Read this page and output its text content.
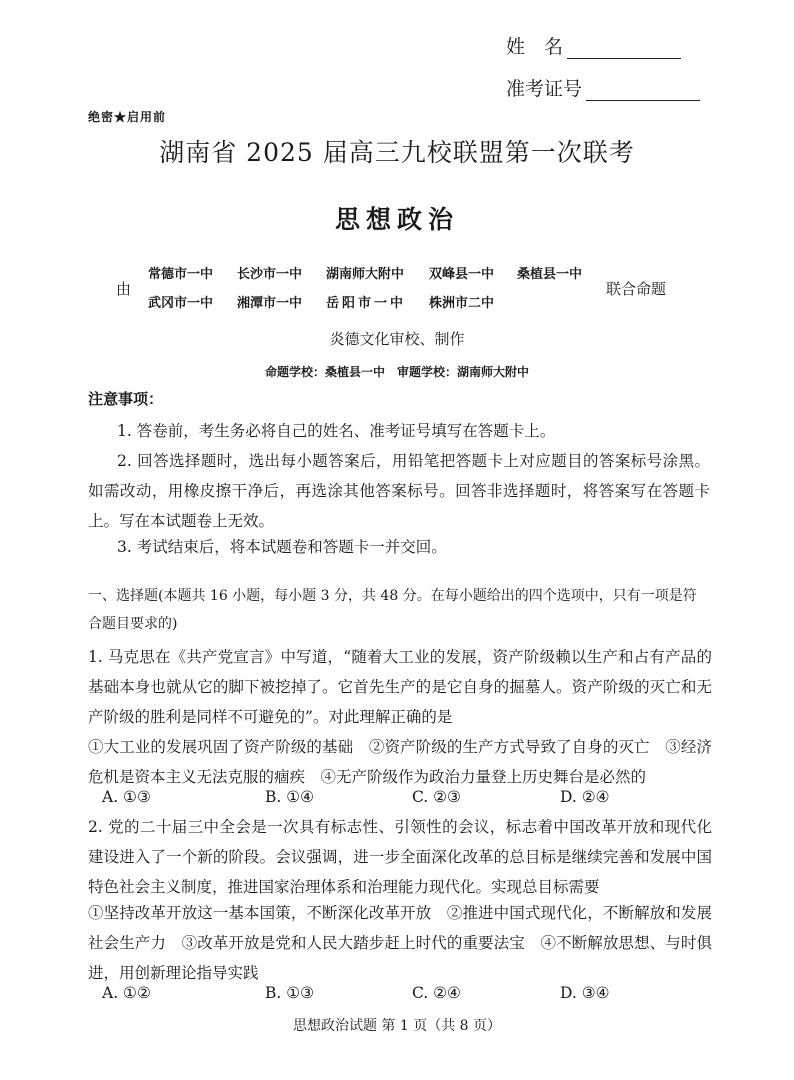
姓　名
准考证号
绝密★启用前
湖南省 2025 届高三九校联盟第一次联考
思想政治
由
常德市一中 长沙市一中 湖南师大附中 双峰县一中 桑植县一中
武冈市一中 湘潭市一中 岳阳市一中 株洲市二中
联合命题
炎德文化审校、制作
命题学校：桑植县一中　审题学校：湖南师大附中
注意事项：
1. 答卷前，考生务必将自己的姓名、准考证号填写在答题卡上。
2. 回答选择题时，选出每小题答案后，用铅笔把答题卡上对应题目的答案标号涂黑。如需改动，用橡皮擦干净后，再选涂其他答案标号。回答非选择题时，将答案写在答题卡上。写在本试题卷上无效。
3. 考试结束后，将本试题卷和答题卡一并交回。
一、选择题(本题共 16 小题，每小题 3 分，共 48 分。在每小题给出的四个选项中，只有一项是符合题目要求的)
1. 马克思在《共产党宣言》中写道，“随着大工业的发展，资产阶级赖以生产和占有产品的基础本身也就从它的脚下被挖掉了。它首先生产的是它自身的掘墓人。资产阶级的灭亡和无产阶级的胜利是同样不可避免的”。对此理解正确的是
①大工业的发展巩固了资产阶级的基础　②资产阶级的生产方式导致了自身的灭亡　③经济危机是资本主义无法克服的痼疾　④无产阶级作为政治力量登上历史舞台是必然的
A. ①③	B. ①④	C. ②③	D. ②④
2. 党的二十届三中全会是一次具有标志性、引领性的会议，标志着中国改革开放和现代化建设进入了一个新的阶段。会议强调，进一步全面深化改革的总目标是继续完善和发展中国特色社会主义制度，推进国家治理体系和治理能力现代化。实现总目标需要
①坚持改革开放这一基本国策，不断深化改革开放　②推进中国式现代化，不断解放和发展社会生产力　③改革开放是党和人民大踏步赶上时代的重要法宝　④不断解放思想、与时俱进，用创新理论指导实践
A. ①②	B. ①③	C. ②④	D. ③④
思想政治试题 第 1 页（共 8 页）
